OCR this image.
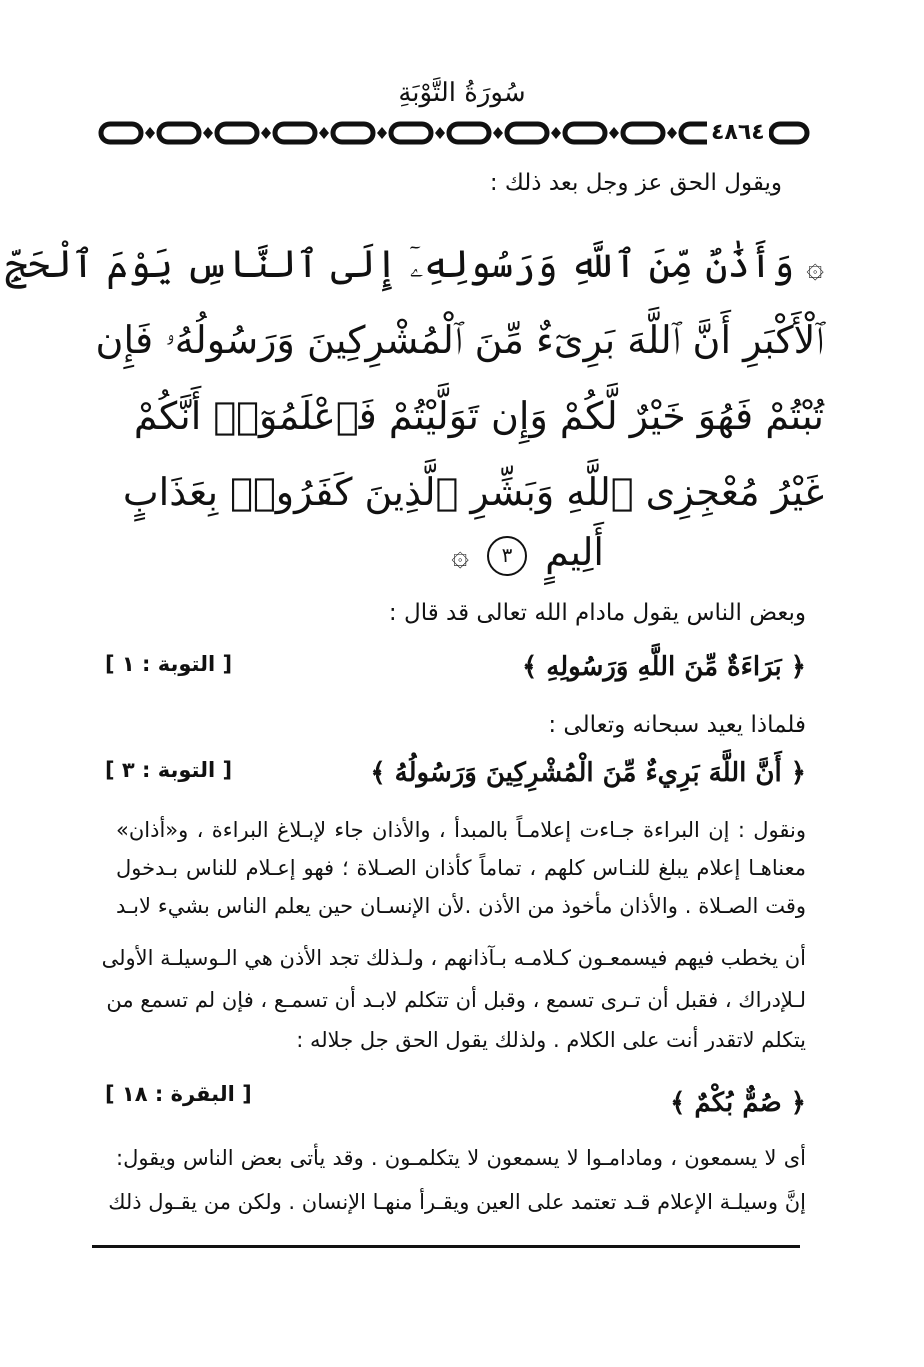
سُورَةُ التَّوْبَةِ
٤٨٦٤
ويقول الحق عز وجل بعد ذلك :
۞ وَأَذَٰنٌ مِّنَ ٱللَّهِ وَرَسُولِهِۦٓ إِلَى ٱلنَّاسِ يَوْمَ ٱلْحَجِّ
ٱلْأَكْبَرِ أَنَّ ٱللَّهَ بَرِىٓءٌ مِّنَ ٱلْمُشْرِكِينَ وَرَسُولُهُۥ فَإِن
تُبْتُمْ فَهُوَ خَيْرٌ لَّكُمْ وَإِن تَوَلَّيْتُمْ فَٱعْلَمُوٓا۟ أَنَّكُمْ
غَيْرُ مُعْجِزِى ٱللَّهِ وَبَشِّرِ ٱلَّذِينَ كَفَرُوا۟ بِعَذَابٍ
أَلِيمٍ ٣ ۞
وبعض الناس يقول مادام الله تعالى قد قال :
﴿ بَرَاءَةٌ مِّنَ اللَّهِ وَرَسُولِهِ ﴾
[ التوبة : ١ ]
فلماذا يعيد سبحانه وتعالى :
﴿ أَنَّ اللَّهَ بَرِيءٌ مِّنَ الْمُشْرِكِينَ وَرَسُولُهُ ﴾
[ التوبة : ٣ ]
ونقول : إن البراءة جـاءت إعلامـاً بالمبدأ ، والأذان جاء لإبـلاغ البراءة ، و«أذان»
معناهـا إعلام يبلغ للنـاس كلهم ، تماماً كأذان الصـلاة ؛ فهو إعـلام للناس بـدخول
وقت الصـلاة . والأذان مأخوذ من الأذن .لأن الإنسـان حين يعلم الناس بشيء لابـد
أن يخطب فيهم فيسمعـون كـلامـه بـآذانهم ، ولـذلك تجد الأذن هي الـوسيلـة الأولى
لـلإدراك ، فقبل أن تـرى تسمع ، وقبل أن تتكلم لابـد أن تسمـع ، فإن لم تسمع من
يتكلم لاتقدر أنت على الكلام . ولذلك يقول الحق جل جلاله :
﴿ صُمٌّ بُكْمٌ ﴾
[ البقرة : ١٨ ]
أى لا يسمعون ، ومادامـوا لا يسمعون لا يتكلمـون . وقد يأتى بعض الناس ويقول:
إنَّ وسيلـة الإعلام قـد تعتمد على العين ويقـرأ منهـا الإنسان . ولكن من يقـول ذلك
